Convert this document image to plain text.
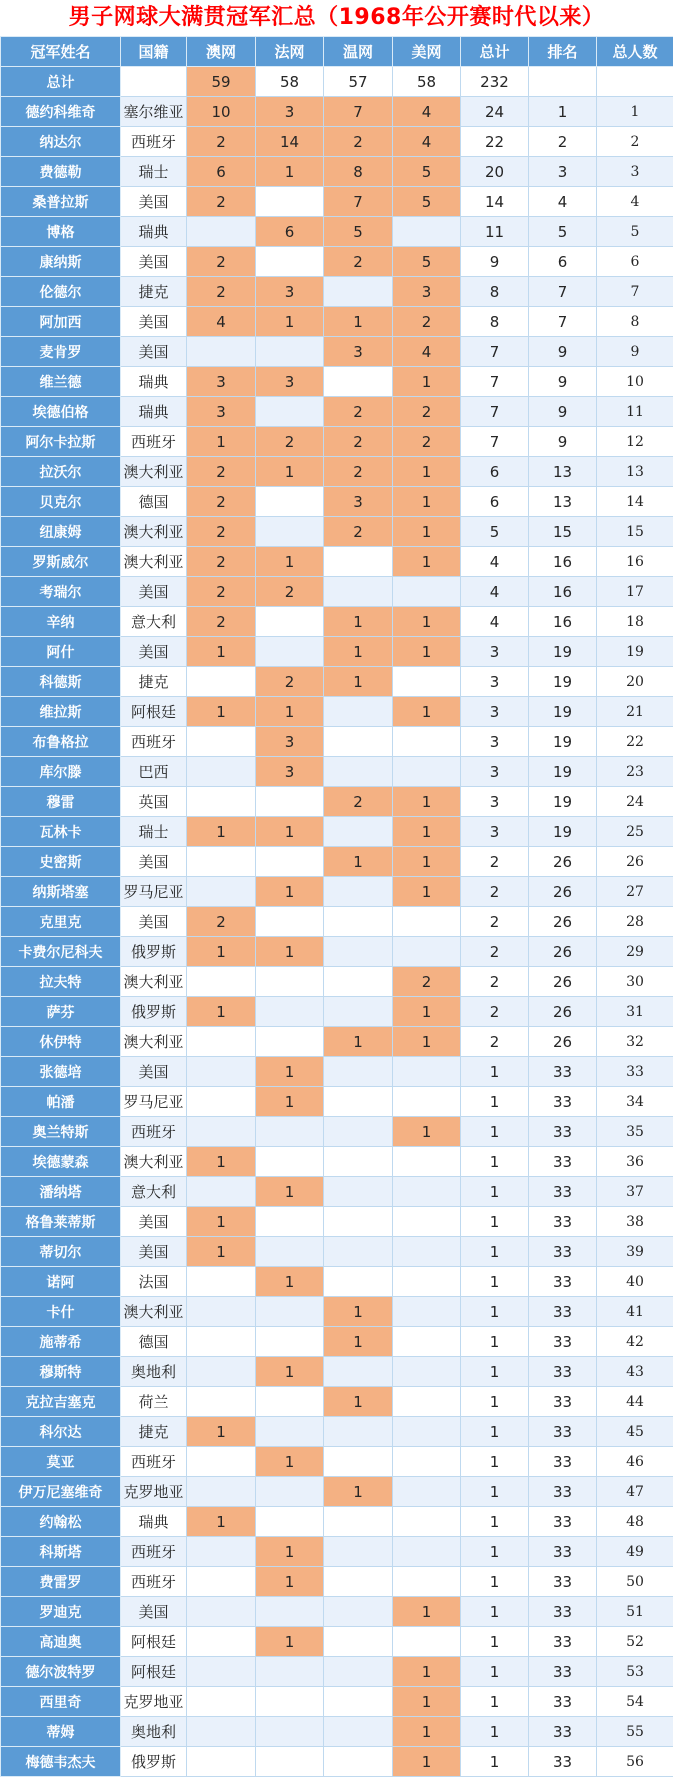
男子网球大满贯冠军汇总（1968年公开赛时代以来）
冠军姓名	国籍	澳网	法网	温网	美网	总计	排名	总人数
总计		59	58	57	58	232		
德约科维奇	塞尔维亚	10	3	7	4	24	1	1
纳达尔	西班牙	2	14	2	4	22	2	2
费德勒	瑞士	6	1	8	5	20	3	3
桑普拉斯	美国	2		7	5	14	4	4
博格	瑞典		6	5		11	5	5
康纳斯	美国	2		2	5	9	6	6
伦德尔	捷克	2	3		3	8	7	7
阿加西	美国	4	1	1	2	8	7	8
麦肯罗	美国			3	4	7	9	9
维兰德	瑞典	3	3		1	7	9	10
埃德伯格	瑞典	3		2	2	7	9	11
阿尔卡拉斯	西班牙	1	2	2	2	7	9	12
拉沃尔	澳大利亚	2	1	2	1	6	13	13
贝克尔	德国	2		3	1	6	13	14
纽康姆	澳大利亚	2		2	1	5	15	15
罗斯威尔	澳大利亚	2	1		1	4	16	16
考瑞尔	美国	2	2			4	16	17
辛纳	意大利	2		1	1	4	16	18
阿什	美国	1		1	1	3	19	19
科德斯	捷克		2	1		3	19	20
维拉斯	阿根廷	1	1		1	3	19	21
布鲁格拉	西班牙		3			3	19	22
库尔滕	巴西		3			3	19	23
穆雷	英国			2	1	3	19	24
瓦林卡	瑞士	1	1		1	3	19	25
史密斯	美国			1	1	2	26	26
纳斯塔塞	罗马尼亚		1		1	2	26	27
克里克	美国	2				2	26	28
卡费尔尼科夫	俄罗斯	1	1			2	26	29
拉夫特	澳大利亚				2	2	26	30
萨芬	俄罗斯	1			1	2	26	31
休伊特	澳大利亚			1	1	2	26	32
张德培	美国		1			1	33	33
帕潘	罗马尼亚		1			1	33	34
奥兰特斯	西班牙				1	1	33	35
埃德蒙森	澳大利亚	1				1	33	36
潘纳塔	意大利		1			1	33	37
格鲁莱蒂斯	美国	1				1	33	38
蒂切尔	美国	1				1	33	39
诺阿	法国		1			1	33	40
卡什	澳大利亚			1		1	33	41
施蒂希	德国			1		1	33	42
穆斯特	奥地利		1			1	33	43
克拉吉塞克	荷兰			1		1	33	44
科尔达	捷克	1				1	33	45
莫亚	西班牙		1			1	33	46
伊万尼塞维奇	克罗地亚			1		1	33	47
约翰松	瑞典	1				1	33	48
科斯塔	西班牙		1			1	33	49
费雷罗	西班牙		1			1	33	50
罗迪克	美国				1	1	33	51
高迪奥	阿根廷		1			1	33	52
德尔波特罗	阿根廷				1	1	33	53
西里奇	克罗地亚				1	1	33	54
蒂姆	奥地利				1	1	33	55
梅德韦杰夫	俄罗斯				1	1	33	56
